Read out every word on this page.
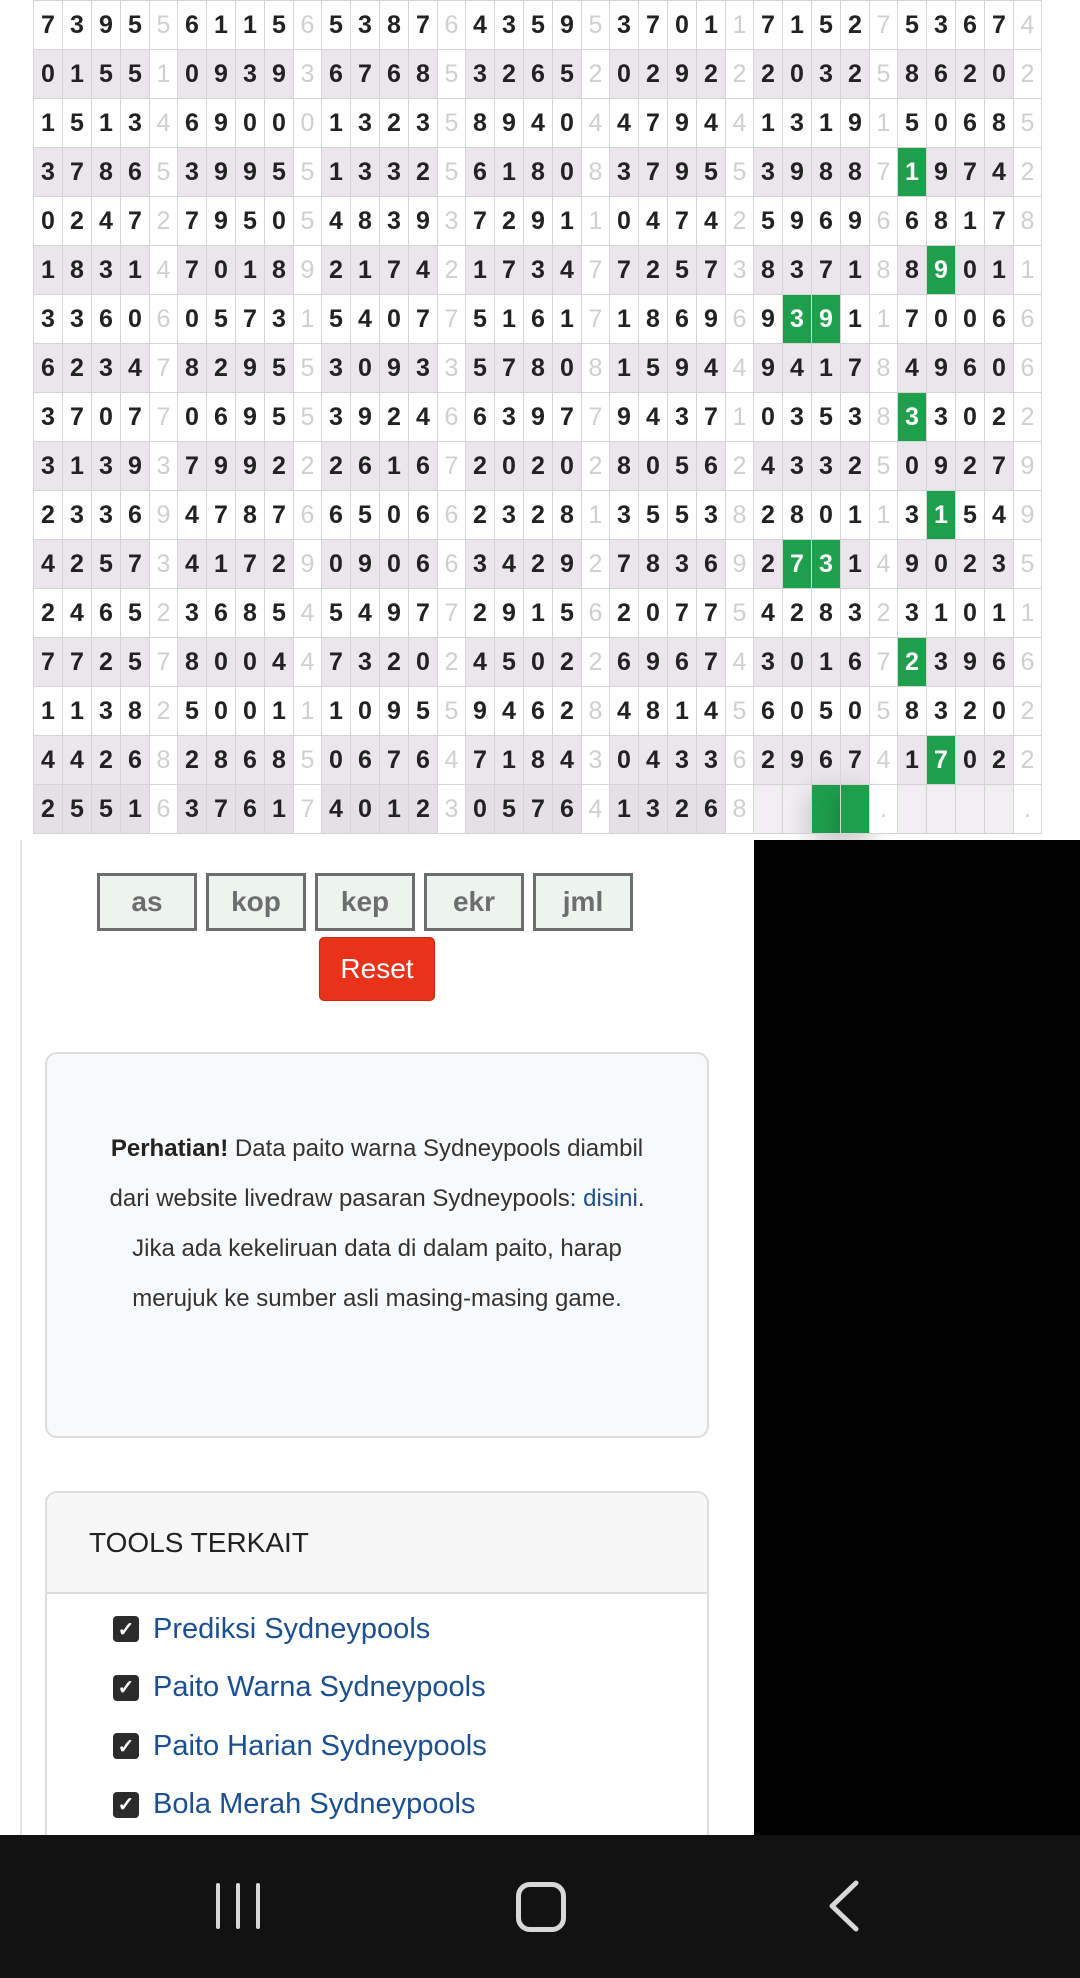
7	3	9	5	5	6	1	1	5	6	5	3	8	7	6	4	3	5	9	5	3	7	0	1	1	7	1	5	2	7	5	3	6	7	4
0	1	5	5	1	0	9	3	9	3	6	7	6	8	5	3	2	6	5	2	0	2	9	2	2	2	0	3	2	5	8	6	2	0	2
1	5	1	3	4	6	9	0	0	0	1	3	2	3	5	8	9	4	0	4	4	7	9	4	4	1	3	1	9	1	5	0	6	8	5
3	7	8	6	5	3	9	9	5	5	1	3	3	2	5	6	1	8	0	8	3	7	9	5	5	3	9	8	8	7	1	9	7	4	2
0	2	4	7	2	7	9	5	0	5	4	8	3	9	3	7	2	9	1	1	0	4	7	4	2	5	9	6	9	6	6	8	1	7	8
1	8	3	1	4	7	0	1	8	9	2	1	7	4	2	1	7	3	4	7	7	2	5	7	3	8	3	7	1	8	8	9	0	1	1
3	3	6	0	6	0	5	7	3	1	5	4	0	7	7	5	1	6	1	7	1	8	6	9	6	9	3	9	1	1	7	0	0	6	6
6	2	3	4	7	8	2	9	5	5	3	0	9	3	3	5	7	8	0	8	1	5	9	4	4	9	4	1	7	8	4	9	6	0	6
3	7	0	7	7	0	6	9	5	5	3	9	2	4	6	6	3	9	7	7	9	4	3	7	1	0	3	5	3	8	3	3	0	2	2
3	1	3	9	3	7	9	9	2	2	2	6	1	6	7	2	0	2	0	2	8	0	5	6	2	4	3	3	2	5	0	9	2	7	9
2	3	3	6	9	4	7	8	7	6	6	5	0	6	6	2	3	2	8	1	3	5	5	3	8	2	8	0	1	1	3	1	5	4	9
4	2	5	7	3	4	1	7	2	9	0	9	0	6	6	3	4	2	9	2	7	8	3	6	9	2	7	3	1	4	9	0	2	3	5
2	4	6	5	2	3	6	8	5	4	5	4	9	7	7	2	9	1	5	6	2	0	7	7	5	4	2	8	3	2	3	1	0	1	1
7	7	2	5	7	8	0	0	4	4	7	3	2	0	2	4	5	0	2	2	6	9	6	7	4	3	0	1	6	7	2	3	9	6	6
1	1	3	8	2	5	0	0	1	1	1	0	9	5	5	9	4	6	2	8	4	8	1	4	5	6	0	5	0	5	8	3	2	0	2
4	4	2	6	8	2	8	6	8	5	0	6	7	6	4	7	1	8	4	3	0	4	3	3	6	2	9	6	7	4	1	7	0	2	2
2	5	5	1	6	3	7	6	1	7	4	0	1	2	3	0	5	7	6	4	1	3	2	6	8					.					.
as	kop	kep	ekr	jml
Reset
Perhatian! Data paito warna Sydneypools diambil dari website livedraw pasaran Sydneypools: disini. Jika ada kekeliruan data di dalam paito, harap merujuk ke sumber asli masing-masing game.
TOOLS TERKAIT
✓ Prediksi Sydneypools
✓ Paito Warna Sydneypools
✓ Paito Harian Sydneypools
✓ Bola Merah Sydneypools
